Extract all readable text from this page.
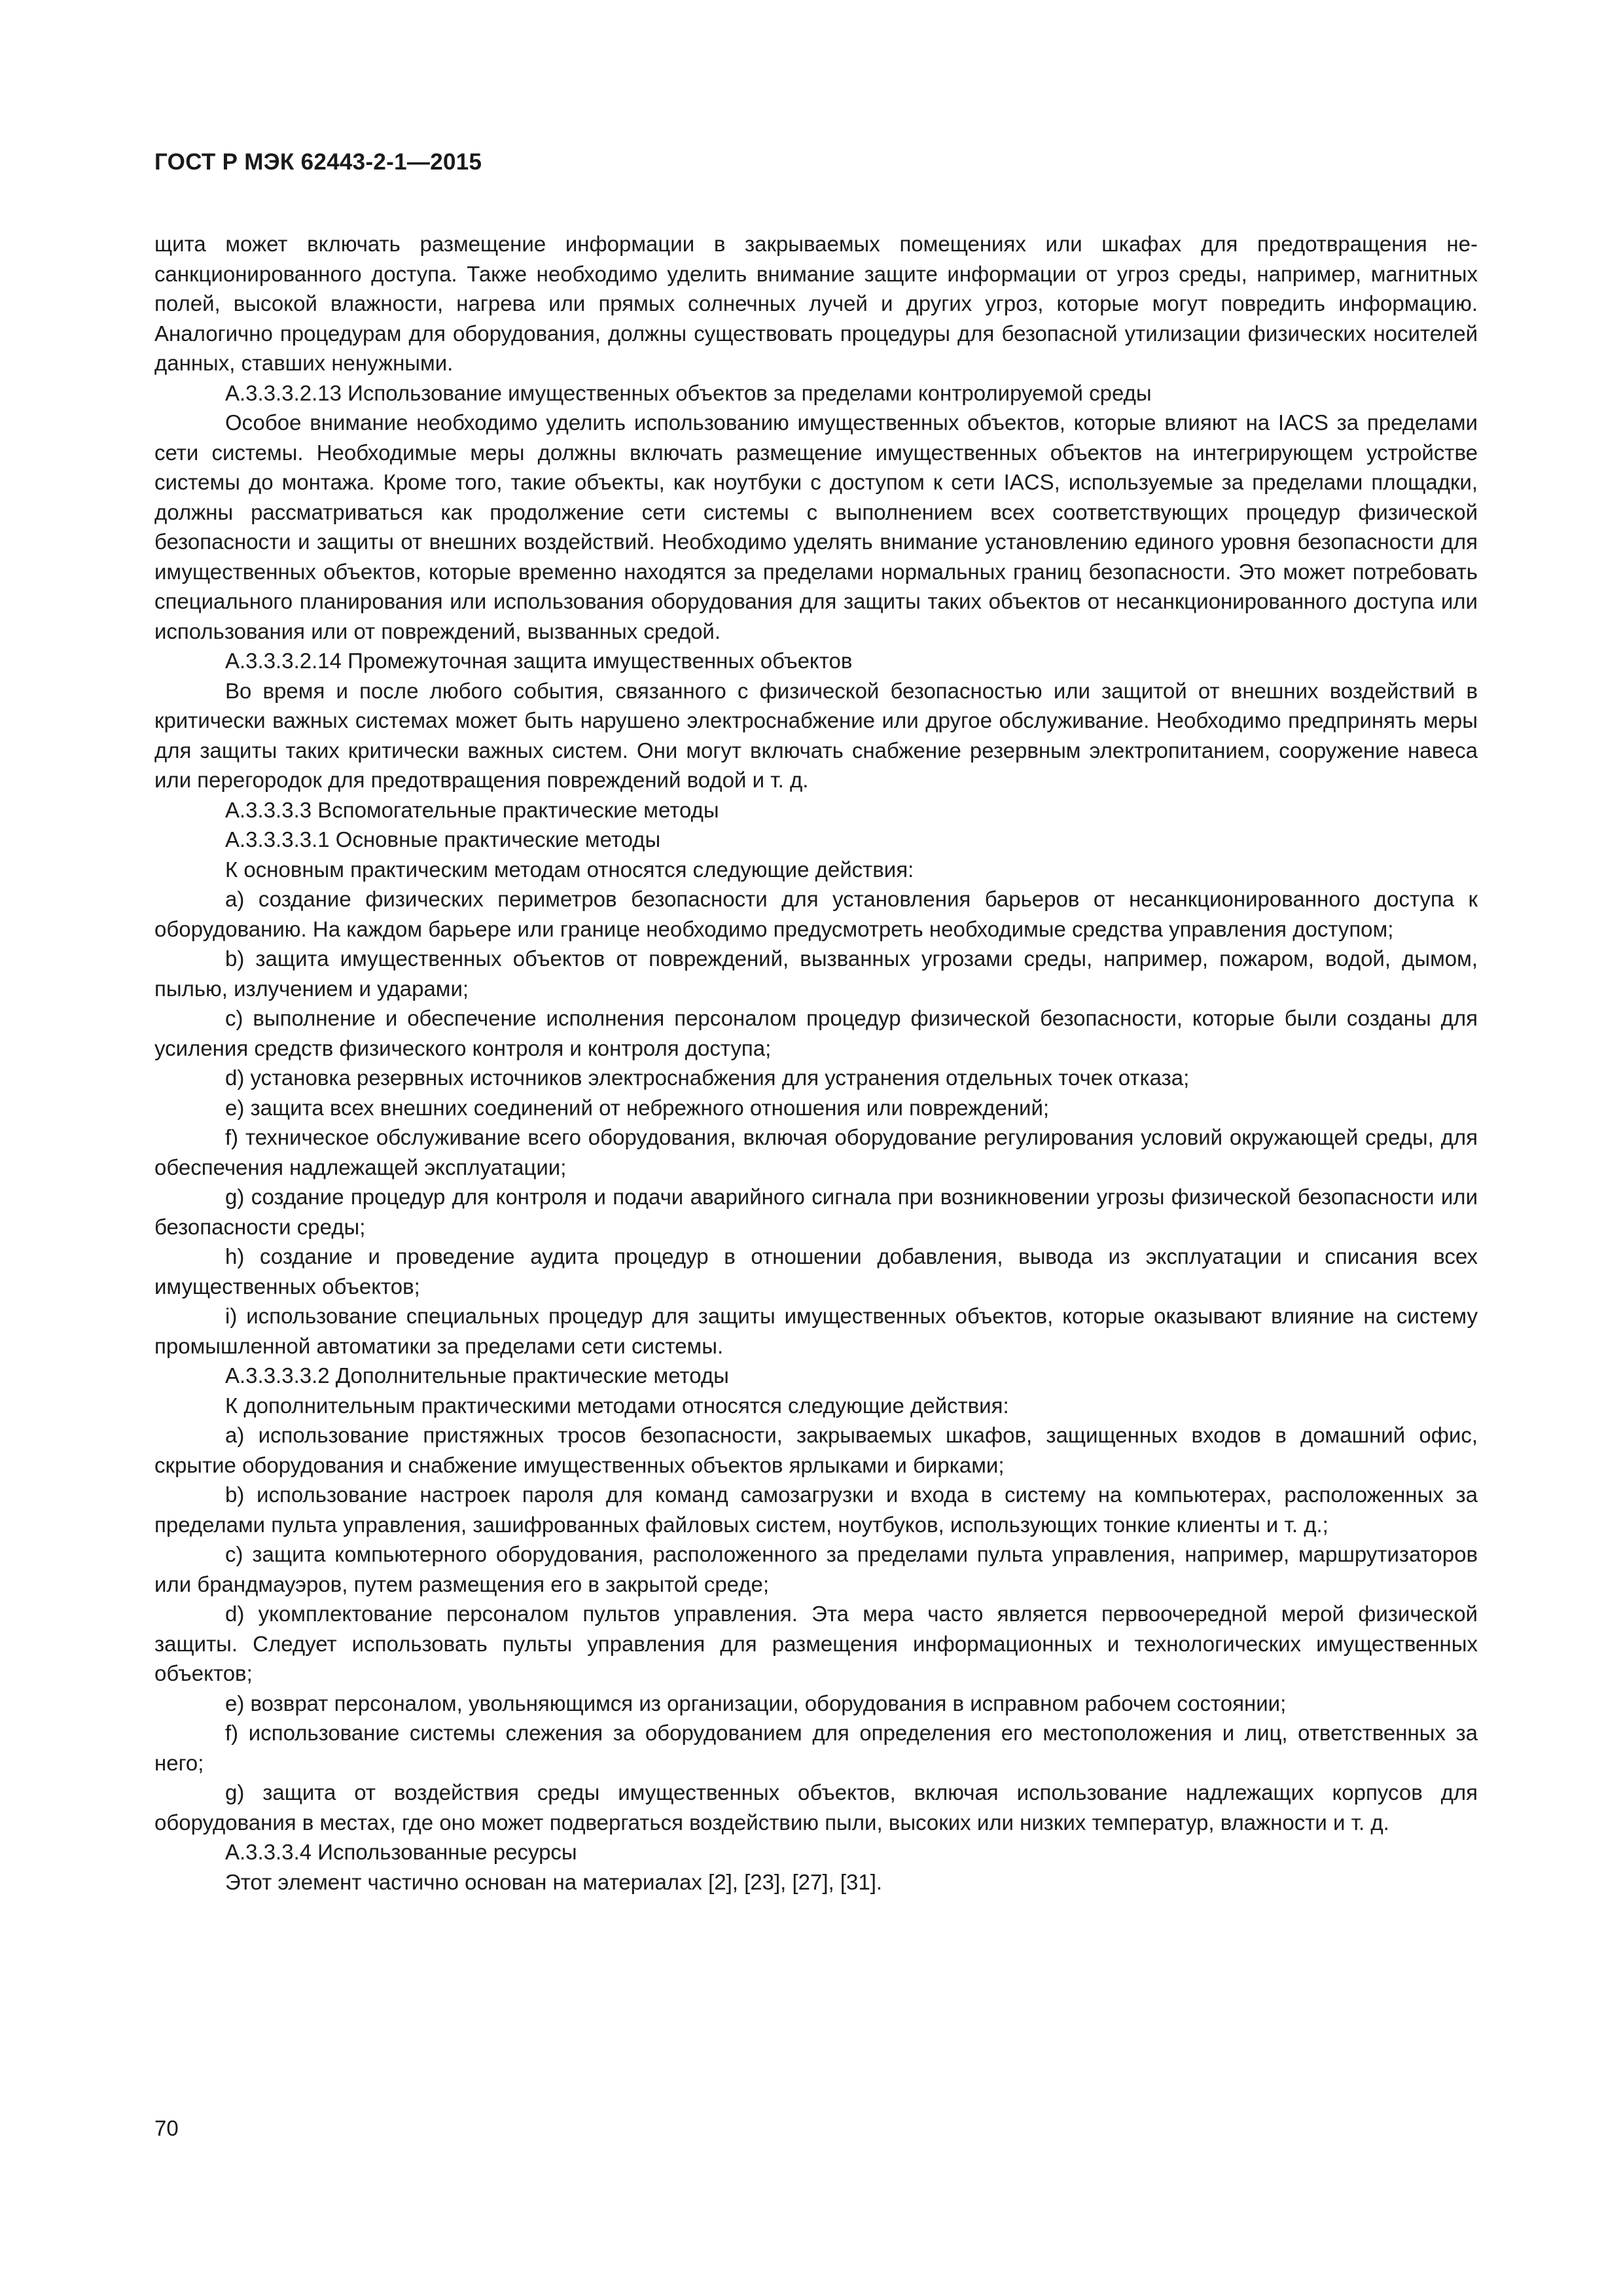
ГОСТ Р МЭК 62443-2-1—2015

щита может включать размещение информации в закрываемых помещениях или шкафах для предотвращения несанкционированного доступа. Также необходимо уделить внимание защите информации от угроз среды, например, магнитных полей, высокой влажности, нагрева или прямых солнечных лучей и других угроз, которые могут повредить информацию. Аналогично процедурам для оборудования, должны существовать процедуры для безопасной утилизации физических носителей данных, ставших ненужными.

А.3.3.3.2.13 Использование имущественных объектов за пределами контролируемой среды

Особое внимание необходимо уделить использованию имущественных объектов, которые влияют на IACS за пределами сети системы. Необходимые меры должны включать размещение имущественных объектов на интегрирующем устройстве системы до монтажа. Кроме того, такие объекты, как ноутбуки с доступом к сети IACS, используемые за пределами площадки, должны рассматриваться как продолжение сети системы с выполнением всех соответствующих процедур физической безопасности и защиты от внешних воздействий. Необходимо уделять внимание установлению единого уровня безопасности для имущественных объектов, которые временно находятся за пределами нормальных границ безопасности. Это может потребовать специального планирования или использования оборудования для защиты таких объектов от несанкционированного доступа или использования или от повреждений, вызванных средой.

А.3.3.3.2.14 Промежуточная защита имущественных объектов

Во время и после любого события, связанного с физической безопасностью или защитой от внешних воздействий в критически важных системах может быть нарушено электроснабжение или другое обслуживание. Необходимо предпринять меры для защиты таких критически важных систем. Они могут включать снабжение резервным электропитанием, сооружение навеса или перегородок для предотвращения повреждений водой и т. д.

А.3.3.3.3 Вспомогательные практические методы

А.3.3.3.3.1 Основные практические методы

К основным практическим методам относятся следующие действия:

a) создание физических периметров безопасности для установления барьеров от несанкционированного доступа к оборудованию. На каждом барьере или границе необходимо предусмотреть необходимые средства управления доступом;

b) защита имущественных объектов от повреждений, вызванных угрозами среды, например, пожаром, водой, дымом, пылью, излучением и ударами;

c) выполнение и обеспечение исполнения персоналом процедур физической безопасности, которые были созданы для усиления средств физического контроля и контроля доступа;

d) установка резервных источников электроснабжения для устранения отдельных точек отказа;

e) защита всех внешних соединений от небрежного отношения или повреждений;

f) техническое обслуживание всего оборудования, включая оборудование регулирования условий окружающей среды, для обеспечения надлежащей эксплуатации;

g) создание процедур для контроля и подачи аварийного сигнала при возникновении угрозы физической безопасности или безопасности среды;

h) создание и проведение аудита процедур в отношении добавления, вывода из эксплуатации и списания всех имущественных объектов;

i) использование специальных процедур для защиты имущественных объектов, которые оказывают влияние на систему промышленной автоматики за пределами сети системы.

А.3.3.3.3.2 Дополнительные практические методы

К дополнительным практическими методами относятся следующие действия:

a) использование пристяжных тросов безопасности, закрываемых шкафов, защищенных входов в домашний офис, скрытие оборудования и снабжение имущественных объектов ярлыками и бирками;

b) использование настроек пароля для команд самозагрузки и входа в систему на компьютерах, расположенных за пределами пульта управления, зашифрованных файловых систем, ноутбуков, использующих тонкие клиенты и т. д.;

c) защита компьютерного оборудования, расположенного за пределами пульта управления, например, маршрутизаторов или брандмауэров, путем размещения его в закрытой среде;

d) укомплектование персоналом пультов управления. Эта мера часто является первоочередной мерой физической защиты. Следует использовать пульты управления для размещения информационных и технологических имущественных объектов;

e) возврат персоналом, увольняющимся из организации, оборудования в исправном рабочем состоянии;

f) использование системы слежения за оборудованием для определения его местоположения и лиц, ответственных за него;

g) защита от воздействия среды имущественных объектов, включая использование надлежащих корпусов для оборудования в местах, где оно может подвергаться воздействию пыли, высоких или низких температур, влажности и т. д.

А.3.3.3.4 Использованные ресурсы

Этот элемент частично основан на материалах [2], [23], [27], [31].

70
